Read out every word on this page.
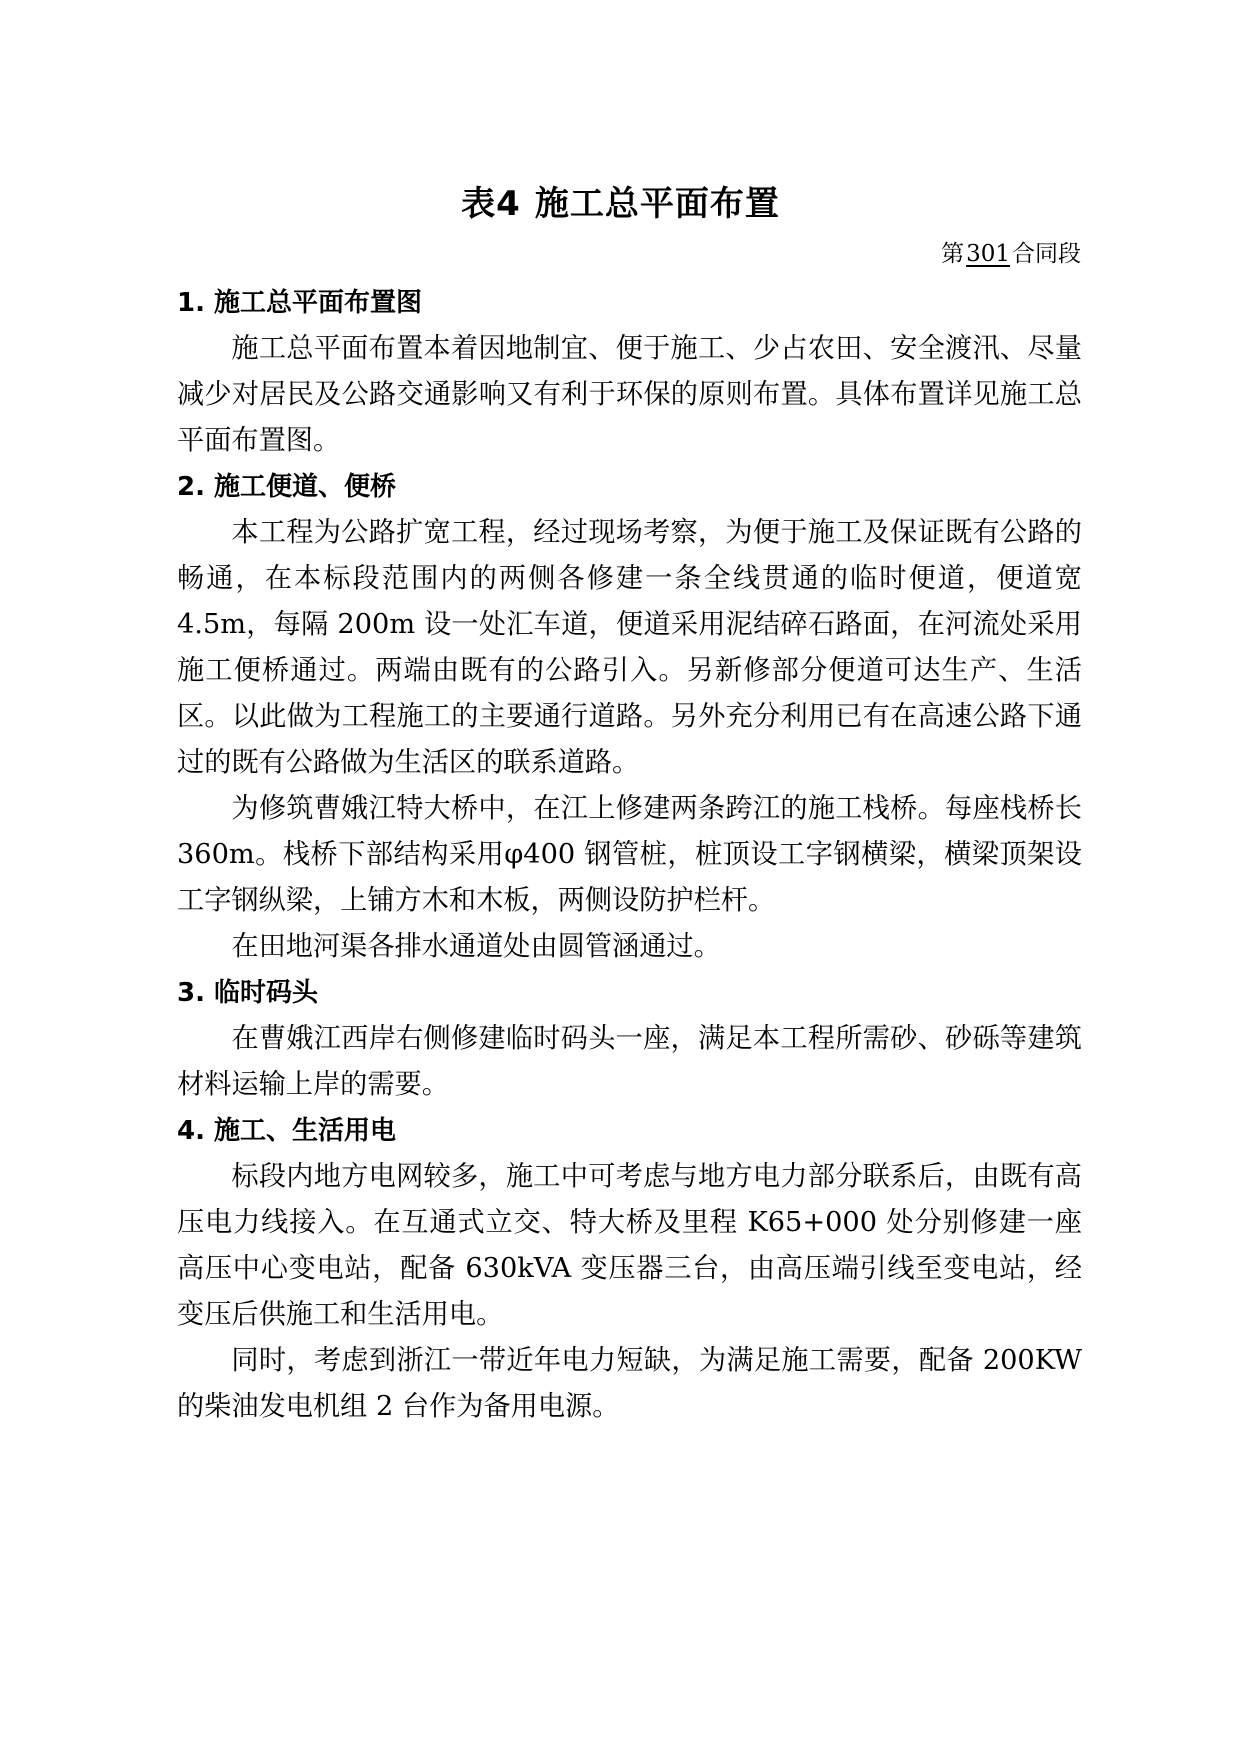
表4 施工总平面布置
第301合同段
1. 施工总平面布置图

施工总平面布置本着因地制宜、便于施工、少占农田、安全渡汛、尽量减少对居民及公路交通影响又有利于环保的原则布置。具体布置详见施工总平面布置图。

2. 施工便道、便桥

本工程为公路扩宽工程，经过现场考察，为便于施工及保证既有公路的畅通，在本标段范围内的两侧各修建一条全线贯通的临时便道，便道宽 4.5m，每隔 200m 设一处汇车道，便道采用泥结碎石路面，在河流处采用施工便桥通过。两端由既有的公路引入。另新修部分便道可达生产、生活区。以此做为工程施工的主要通行道路。另外充分利用已有在高速公路下通过的既有公路做为生活区的联系道路。

为修筑曹娥江特大桥中，在江上修建两条跨江的施工栈桥。每座栈桥长 360m。栈桥下部结构采用φ400 钢管桩，桩顶设工字钢横梁，横梁顶架设工字钢纵梁，上铺方木和木板，两侧设防护栏杆。

在田地河渠各排水通道处由圆管涵通过。

3. 临时码头

在曹娥江西岸右侧修建临时码头一座，满足本工程所需砂、砂砾等建筑材料运输上岸的需要。

4. 施工、生活用电

标段内地方电网较多，施工中可考虑与地方电力部分联系后，由既有高压电力线接入。在互通式立交、特大桥及里程 K65+000 处分别修建一座高压中心变电站，配备 630kVA 变压器三台，由高压端引线至变电站，经变压后供施工和生活用电。

同时，考虑到浙江一带近年电力短缺，为满足施工需要，配备 200KW 的柴油发电机组 2 台作为备用电源。
